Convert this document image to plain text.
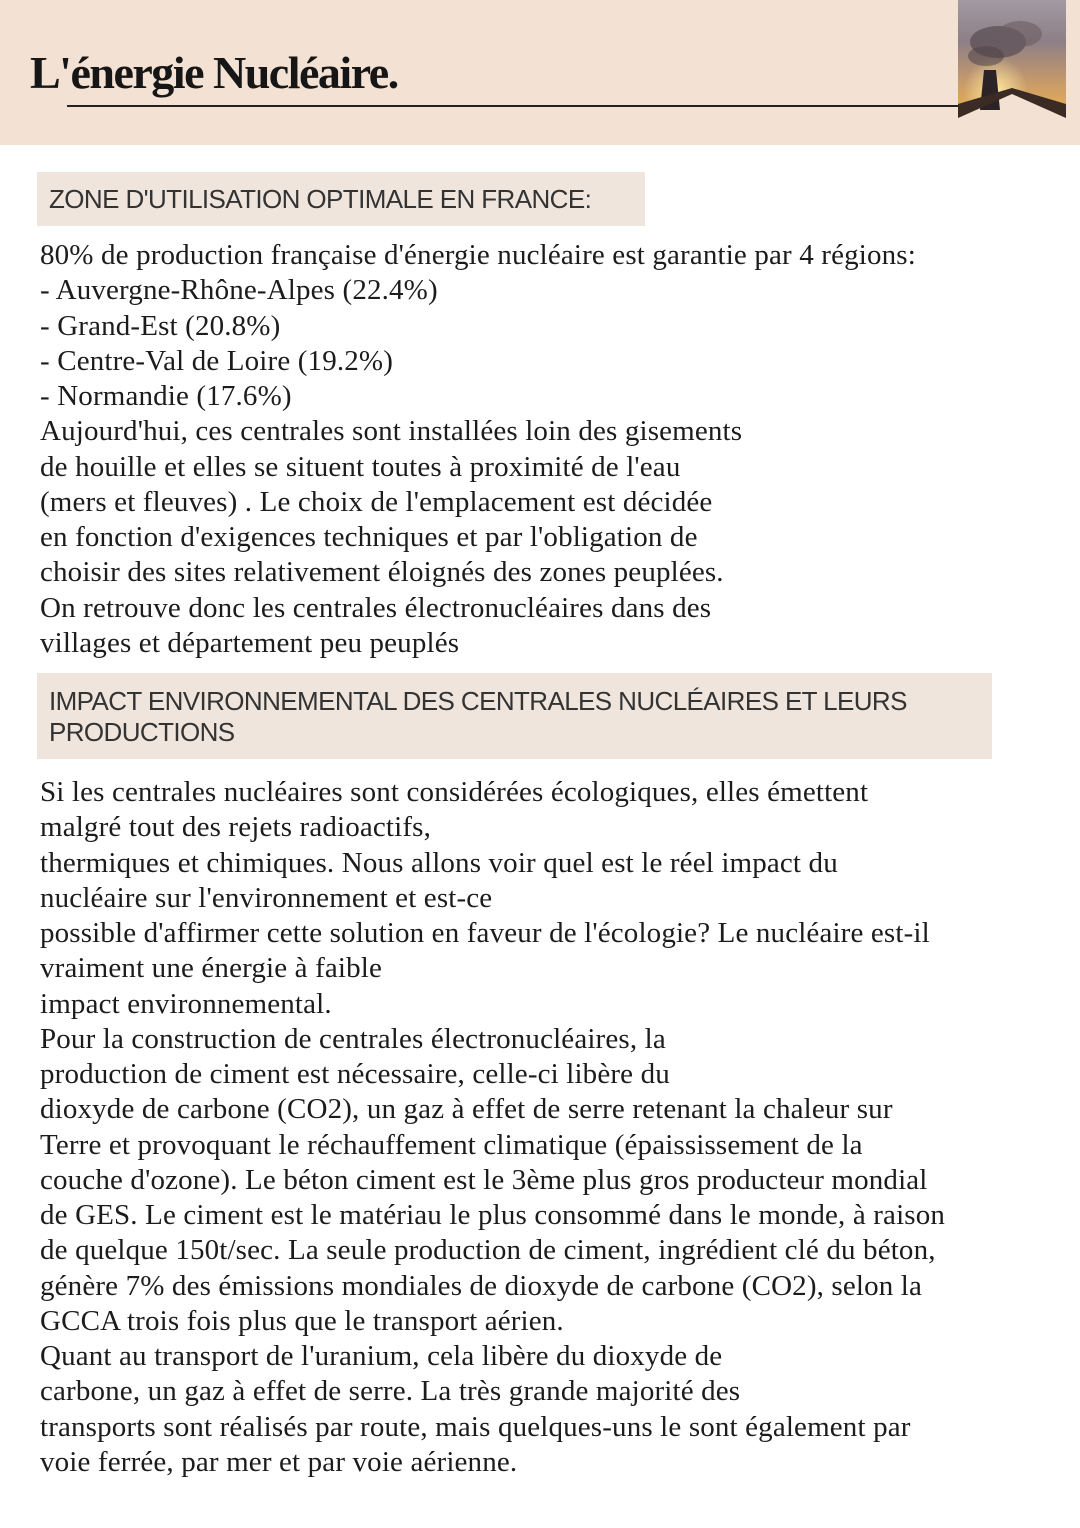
L'énergie Nucléaire.
ZONE D'UTILISATION OPTIMALE EN FRANCE:
80% de production française d'énergie nucléaire est garantie par 4 régions:
- Auvergne-Rhône-Alpes (22.4%)
- Grand-Est (20.8%)
- Centre-Val de Loire (19.2%)
- Normandie (17.6%)
Aujourd'hui, ces centrales sont installées loin des gisements
de houille et elles se situent toutes à proximité de l'eau
(mers et fleuves) . Le choix de l'emplacement est décidée
en fonction d'exigences techniques et par l'obligation de
choisir des sites relativement éloignés des zones peuplées.
On retrouve donc les centrales électronucléaires dans des
villages et département peu peuplés
IMPACT ENVIRONNEMENTAL DES CENTRALES NUCLÉAIRES ET LEURS
PRODUCTIONS
Si les centrales nucléaires sont considérées écologiques, elles émettent
malgré tout des rejets radioactifs,
thermiques et chimiques. Nous allons voir quel est le réel impact du
nucléaire sur l'environnement et est-ce
possible d'affirmer cette solution en faveur de l'écologie? Le nucléaire est-il
vraiment une énergie à faible
impact environnemental.
Pour la construction de centrales électronucléaires, la
production de ciment est nécessaire, celle-ci libère du
dioxyde de carbone (CO2), un gaz à effet de serre retenant la chaleur sur
Terre et provoquant le réchauffement climatique (épaississement de la
couche d'ozone). Le béton ciment est le 3ème plus gros producteur mondial
de GES. Le ciment est le matériau le plus consommé dans le monde, à raison
de quelque 150t/sec. La seule production de ciment, ingrédient clé du béton,
génère 7% des émissions mondiales de dioxyde de carbone (CO2), selon la
GCCA trois fois plus que le transport aérien.
Quant au transport de l'uranium, cela libère du dioxyde de
carbone, un gaz à effet de serre. La très grande majorité des
transports sont réalisés par route, mais quelques-uns le sont également par
voie ferrée, par mer et par voie aérienne.
